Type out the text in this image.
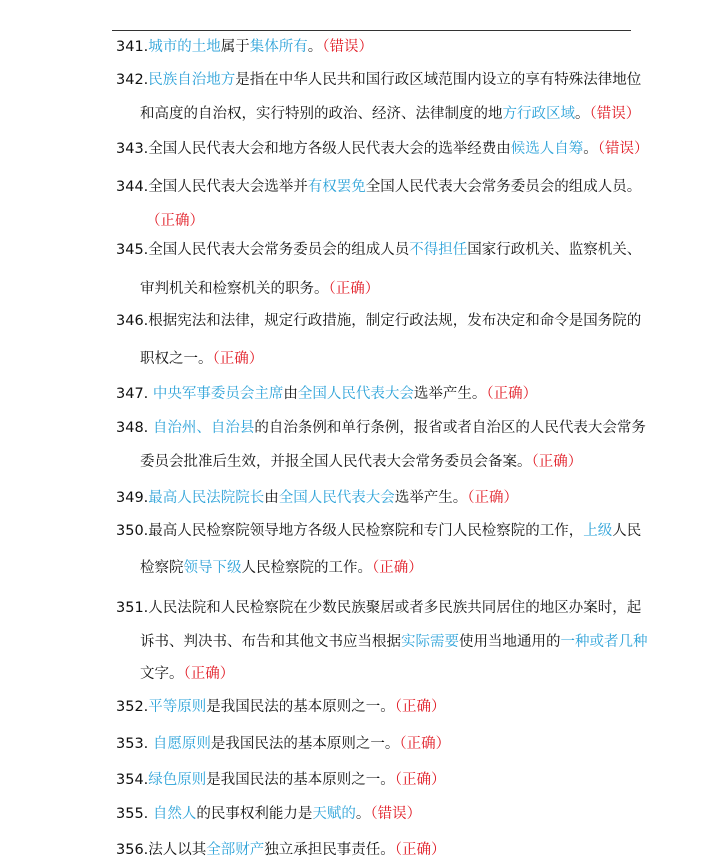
341.城市的土地属于集体所有。（错误）
342.民族自治地方是指在中华人民共和国行政区域范围内设立的享有特殊法律地位
和高度的自治权，实行特别的政治、经济、法律制度的地方行政区域。（错误）
343.全国人民代表大会和地方各级人民代表大会的选举经费由候选人自筹。（错误）
344.全国人民代表大会选举并有权罢免全国人民代表大会常务委员会的组成人员。
（正确）
345.全国人民代表大会常务委员会的组成人员不得担任国家行政机关、监察机关、
审判机关和检察机关的职务。（正确）
346.根据宪法和法律，规定行政措施，制定行政法规，发布决定和命令是国务院的
职权之一。（正确）
347. 中央军事委员会主席由全国人民代表大会选举产生。（正确）
348. 自治州、自治县的自治条例和单行条例，报省或者自治区的人民代表大会常务
委员会批准后生效，并报全国人民代表大会常务委员会备案。（正确）
349.最高人民法院院长由全国人民代表大会选举产生。（正确）
350.最高人民检察院领导地方各级人民检察院和专门人民检察院的工作，上级人民
检察院领导下级人民检察院的工作。（正确）
351.人民法院和人民检察院在少数民族聚居或者多民族共同居住的地区办案时，起
诉书、判决书、布告和其他文书应当根据实际需要使用当地通用的一种或者几种
文字。（正确）
352.平等原则是我国民法的基本原则之一。（正确）
353. 自愿原则是我国民法的基本原则之一。（正确）
354.绿色原则是我国民法的基本原则之一。（正确）
355. 自然人的民事权利能力是天赋的。（错误）
356.法人以其全部财产独立承担民事责任。（正确）
